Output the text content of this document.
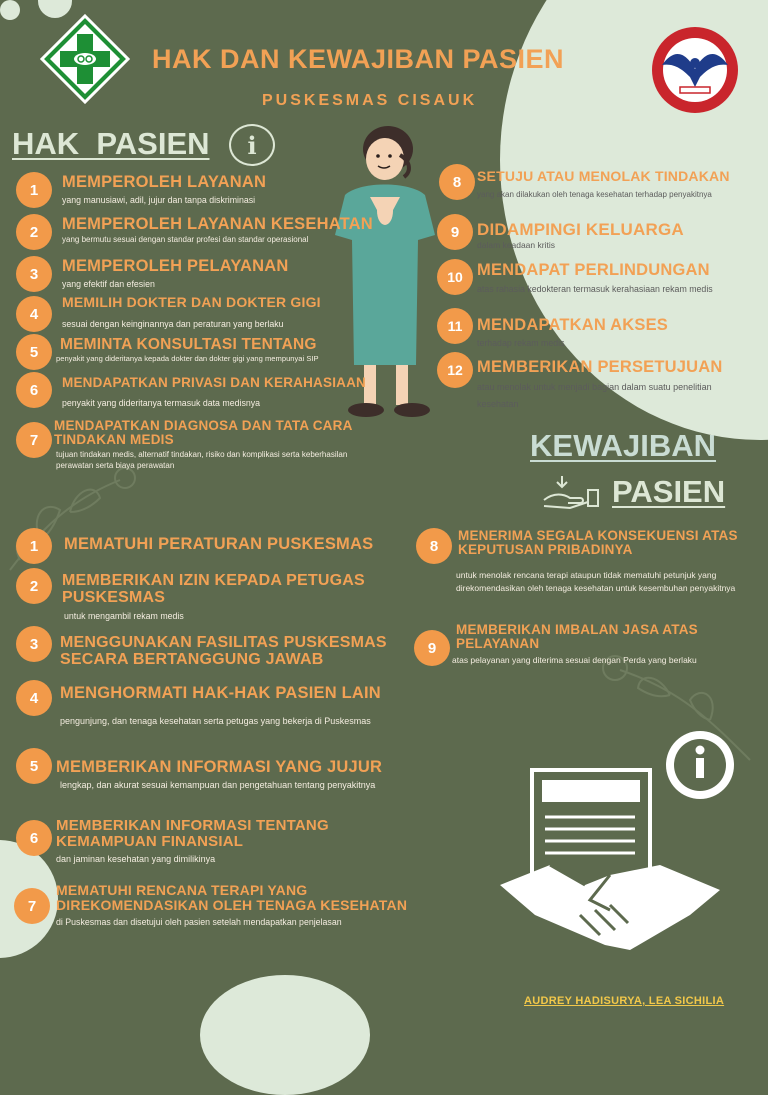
HAK DAN KEWAJIBAN PASIEN
PUSKESMAS CISAUK
HAK  PASIEN i
1	MEMPEROLEH LAYANAN
yang manusiawi, adil, jujur dan tanpa diskriminasi
2	MEMPEROLEH LAYANAN KESEHATAN
yang bermutu sesuai dengan standar profesi dan standar operasional
3	MEMPEROLEH PELAYANAN
yang efektif dan efesien
4
MEMILIH DOKTER DAN DOKTER GIGI
sesuai dengan keinginannya dan peraturan yang berlaku
5	MEMINTA KONSULTASI TENTANG
penyakit yang dideritanya kepada dokter dan dokter gigi yang mempunyai SIP
6	MENDAPATKAN PRIVASI DAN KERAHASIAAN
penyakit yang dideritanya termasuk data medisnya
7
MENDAPATKAN DIAGNOSA DAN TATA CARA TINDAKAN MEDIS
tujuan tindakan medis, alternatif tindakan, risiko dan komplikasi serta keberhasilan perawatan serta biaya perawatan
8	SETUJU ATAU MENOLAK TINDAKAN
yang akan dilakukan oleh tenaga kesehatan terhadap penyakitnya
9	DIDAMPINGI KELUARGA
dalam keadaan kritis
10 MENDAPAT PERLINDUNGAN
atas rahasia kedokteran termasuk kerahasiaan rekam medis
11 MENDAPATKAN AKSES
terhadap rekam medis
12 MEMBERIKAN PERSETUJUAN
atau menolak untuk menjadi bagian dalam suatu penelitian kesehatan
KEWAJIBAN
PASIEN
1	MEMATUHI PERATURAN PUSKESMAS
2	MEMBERIKAN IZIN KEPADA PETUGAS PUSKESMAS
untuk mengambil rekam medis
3	MENGGUNAKAN FASILITAS PUSKESMAS SECARA BERTANGGUNG JAWAB
4	MENGHORMATI HAK-HAK PASIEN LAIN
pengunjung, dan tenaga kesehatan serta petugas yang bekerja di Puskesmas
5	MEMBERIKAN INFORMASI YANG JUJUR
lengkap, dan akurat sesuai kemampuan dan pengetahuan tentang penyakitnya
6
MEMBERIKAN INFORMASI TENTANG KEMAMPUAN FINANSIAL
dan jaminan kesehatan yang dimilikinya
7
MEMATUHI RENCANA TERAPI YANG DIREKOMENDASIKAN OLEH TENAGA KESEHATAN
di Puskesmas dan disetujui oleh pasien setelah mendapatkan penjelasan
8
MENERIMA SEGALA KONSEKUENSI ATAS KEPUTUSAN PRIBADINYA
untuk menolak rencana terapi ataupun tidak mematuhi petunjuk yang direkomendasikan oleh tenaga kesehatan untuk kesembuhan penyakitnya
9
MEMBERIKAN IMBALAN JASA ATAS PELAYANAN
atas pelayanan yang diterima sesuai dengan Perda yang berlaku
AUDREY HADISURYA, LEA SICHILIA
